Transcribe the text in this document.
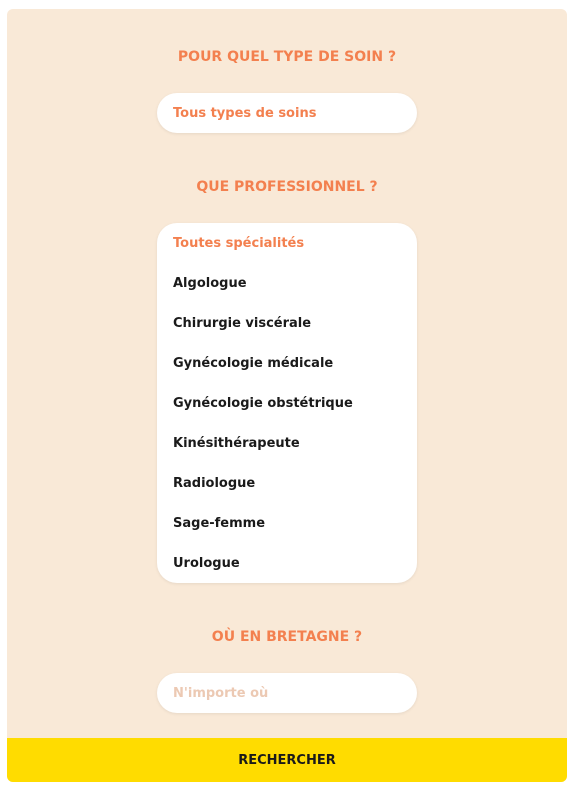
POUR QUEL TYPE DE SOIN ?
Tous types de soins
QUE PROFESSIONNEL ?
Toutes spécialités
Algologue
Chirurgie viscérale
Gynécologie médicale
Gynécologie obstétrique
Kinésithérapeute
Radiologue
Sage-femme
Urologue
OÙ EN BRETAGNE ?
N'importe où
RECHERCHER
